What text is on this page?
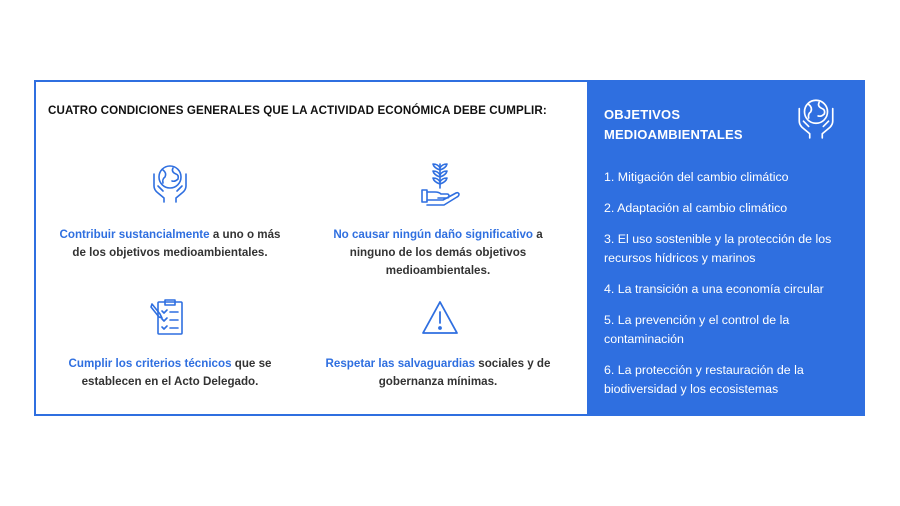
CUATRO CONDICIONES GENERALES QUE LA ACTIVIDAD ECONÓMICA DEBE CUMPLIR:
Contribuir sustancialmente a uno o más
de los objetivos medioambientales.
No causar ningún daño significativo a
ninguno de los demás objetivos
medioambientales.
Cumplir los criterios técnicos que se
establecen en el Acto Delegado.
Respetar las salvaguardias sociales y de
gobernanza mínimas.
OBJETIVOS
MEDIOAMBIENTALES
1. Mitigación del cambio climático
2. Adaptación al cambio climático
3. El uso sostenible y la protección de los recursos hídricos y marinos
4. La transición a una economía circular
5. La prevención y el control de la contaminación
6. La protección y restauración de la biodiversidad y los ecosistemas
